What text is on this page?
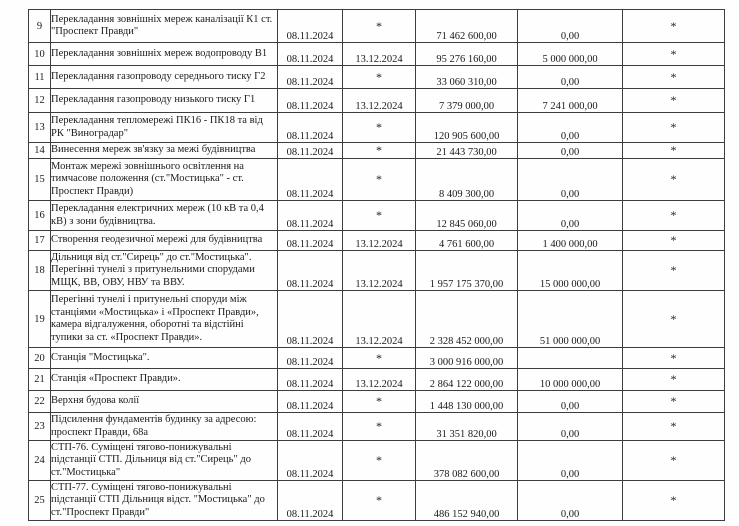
9	Перекладання зовнішніх мереж каналізації К1 ст. "Проспект Правди"	08.11.2024	*	71 462 600,00	0,00	*
10	Перекладання зовнішніх мереж водопроводу В1	08.11.2024	13.12.2024	95 276 160,00	5 000 000,00	*
11	Перекладання газопроводу середнього тиску Г2	08.11.2024	*	33 060 310,00	0,00	*
12	Перекладання газопроводу низького тиску Г1	08.11.2024	13.12.2024	7 379 000,00	7 241 000,00	*
13	Перекладання тепломережі ПК16 - ПК18 та від РК "Виноградар"	08.11.2024	*	120 905 600,00	0,00	*
14	Винесення мереж зв'язку за межі будівництва	08.11.2024	*	21 443 730,00	0,00	*
15	Монтаж мережі зовнішнього освітлення на тимчасове положення (ст."Мостицька" - ст. Проспект Правди)	08.11.2024	*	8 409 300,00	0,00	*
16	Перекладання електричних мереж (10 кВ та 0,4 кВ) з зони будівництва.	08.11.2024	*	12 845 060,00	0,00	*
17	Створення геодезичної мережі для будівництва	08.11.2024	13.12.2024	4 761 600,00	1 400 000,00	*
18	Дільниця від ст."Сирець" до ст."Мостицька". Перегінні тунелі з притунельними спорудами МЩК, ВВ, ОВУ, НВУ та ВВУ.	08.11.2024	13.12.2024	1 957 175 370,00	15 000 000,00	*
19	Перегінні тунелі і притунельні споруди між станціями «Мостицька» і «Проспект Правди», камера відгалуження, оборотні та відстійні тупики за ст. «Проспект Правди».	08.11.2024	13.12.2024	2 328 452 000,00	51 000 000,00	*
20	Станція "Мостицька".	08.11.2024	*	3 000 916 000,00		*
21	Станція «Проспект Правди».	08.11.2024	13.12.2024	2 864 122 000,00	10 000 000,00	*
22	Верхня будова колії	08.11.2024	*	1 448 130 000,00	0,00	*
23	Підсилення фундаментів будинку за адресою: проспект Правди, 68а	08.11.2024	*	31 351 820,00	0,00	*
24	СТП-76. Суміщені тягово-понижувальні підстанції СТП. Дільниця від ст."Сирець" до ст."Мостицька"	08.11.2024	*	378 082 600,00	0,00	*
25	СТП-77. Суміщені тягово-понижувальні підстанції СТП Дільниця відст. "Мостицька" до ст."Проспект Правди"	08.11.2024	*	486 152 940,00	0,00	*
